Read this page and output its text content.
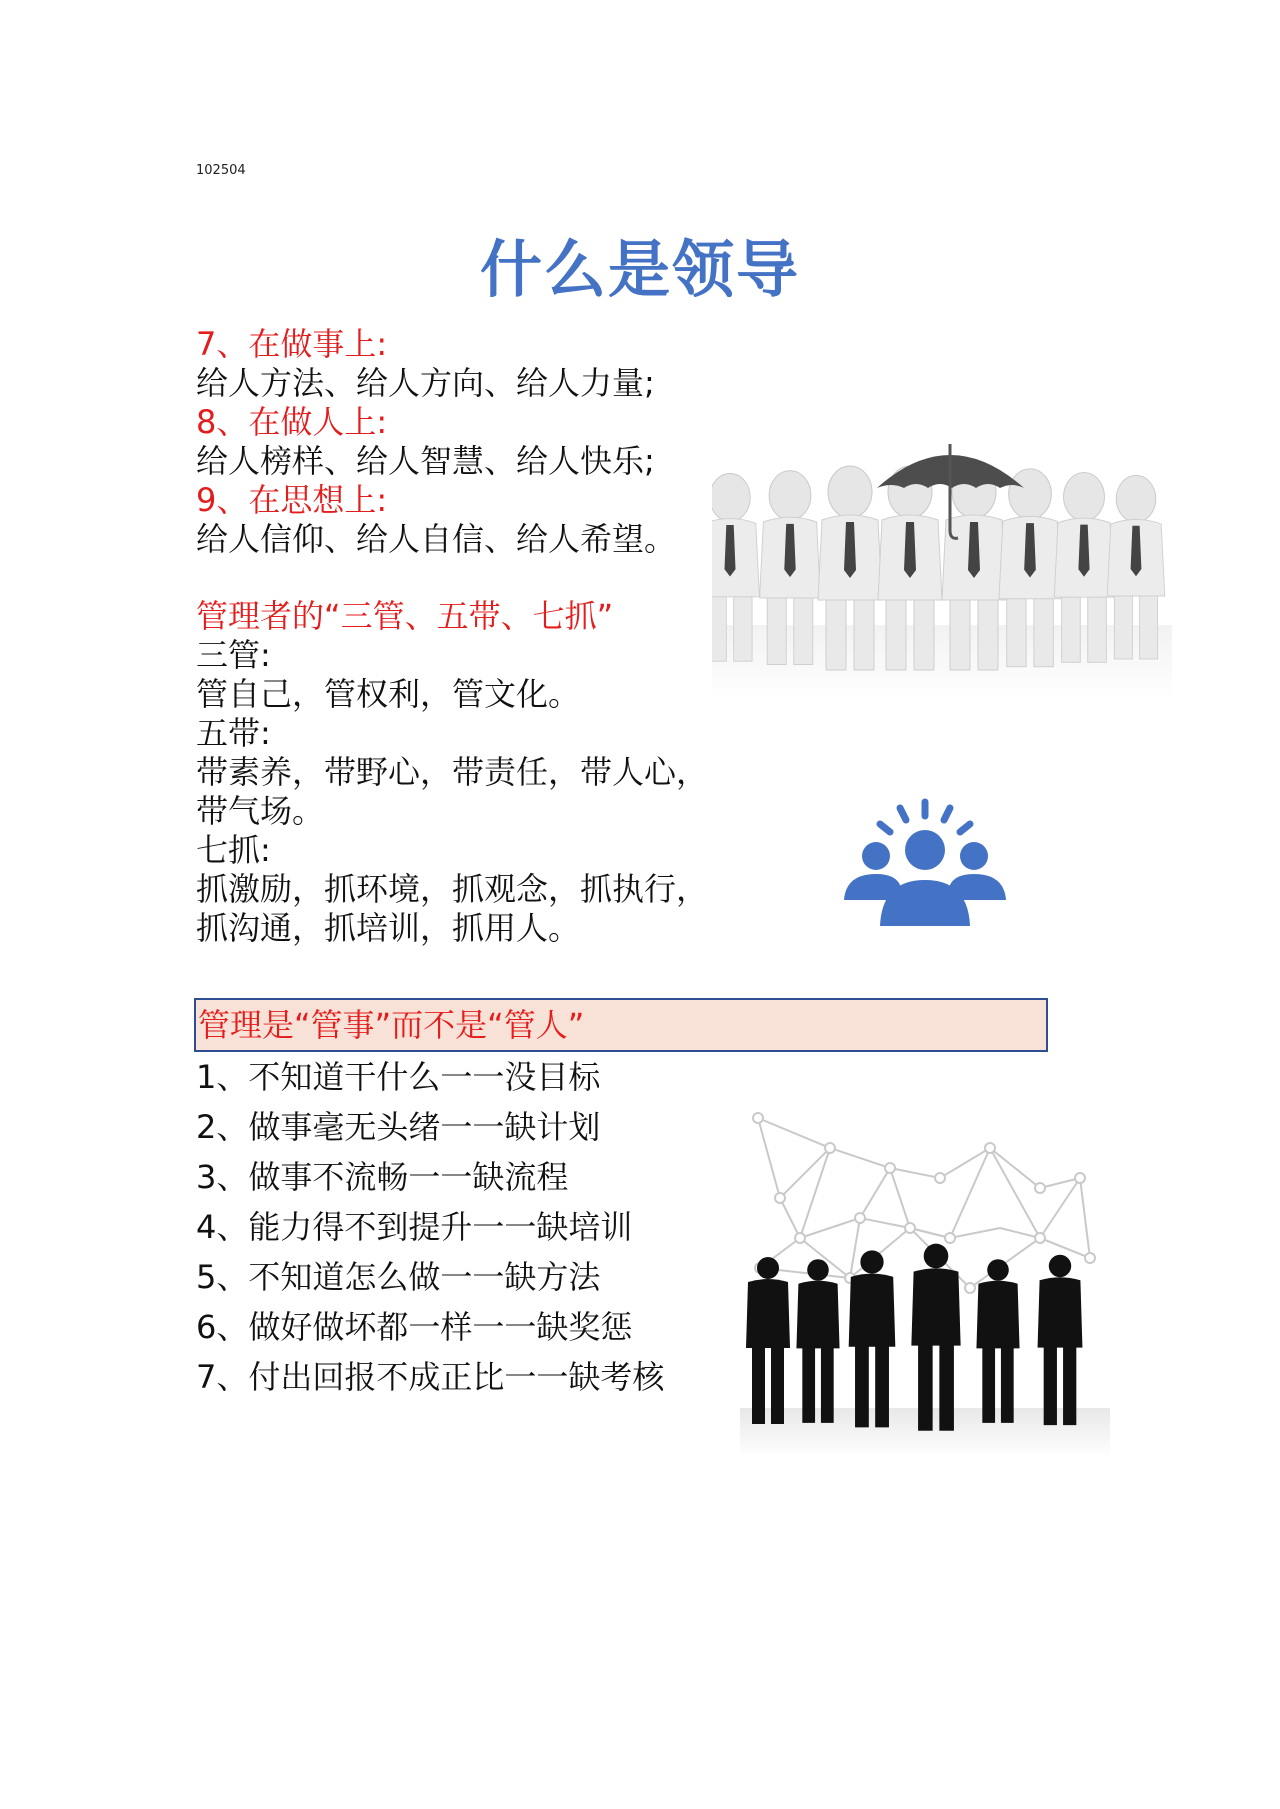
102504
什么是领导
7、在做事上:
给人方法、给人方向、给人力量;
8、在做人上:
给人榜样、给人智慧、给人快乐;
9、在思想上:
给人信仰、给人自信、给人希望。
管理者的“三管、五带、七抓”
三管:
管自己，管权利，管文化。
五带:
带素养，带野心，带责任，带人心，
带气场。
七抓:
抓激励，抓环境，抓观念，抓执行，
抓沟通，抓培训，抓用人。
管理是“管事”而不是“管人”
1、不知道干什么一一没目标
2、做事毫无头绪一一缺计划
3、做事不流畅一一缺流程
4、能力得不到提升一一缺培训
5、不知道怎么做一一缺方法
6、做好做坏都一样一一缺奖惩
7、付出回报不成正比一一缺考核
